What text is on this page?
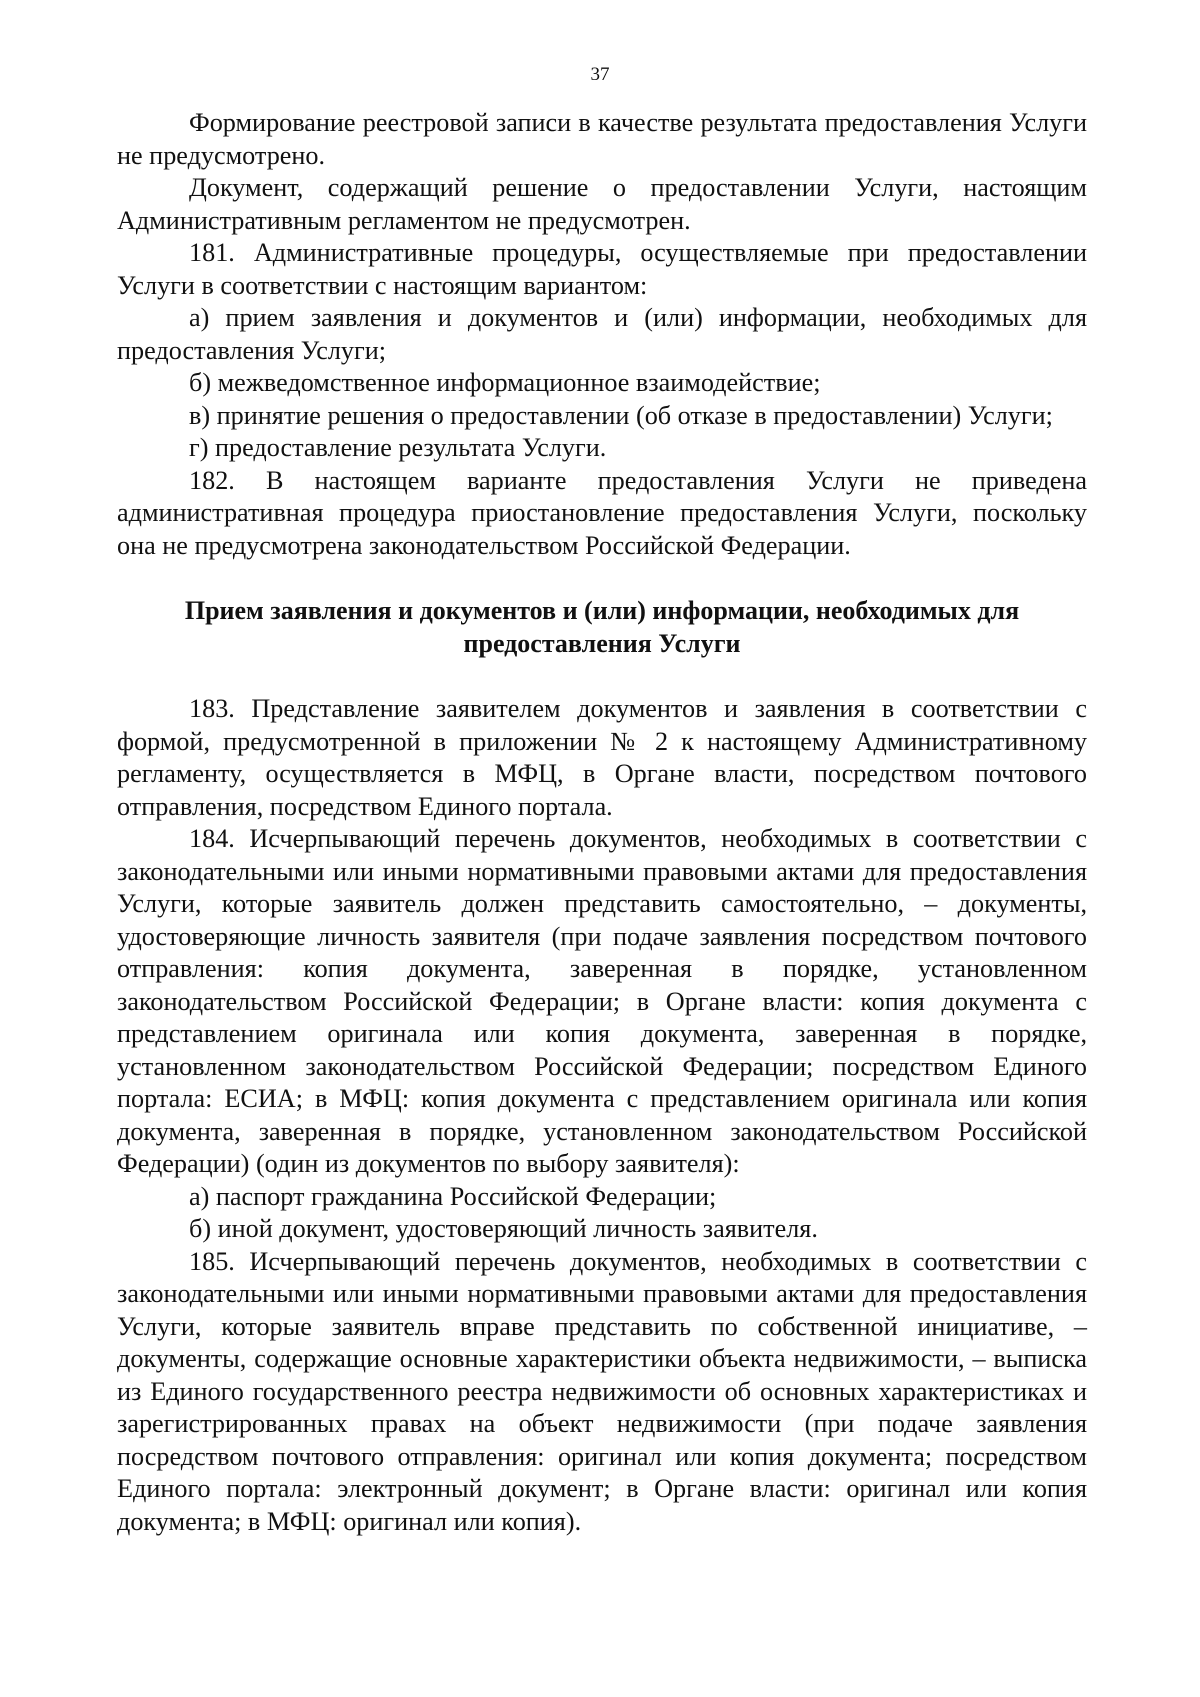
37

Формирование реестровой записи в качестве результата предоставления Услуги не предусмотрено.

Документ, содержащий решение о предоставлении Услуги, настоящим Административным регламентом не предусмотрен.

181. Административные процедуры, осуществляемые при предоставлении Услуги в соответствии с настоящим вариантом:

а) прием заявления и документов и (или) информации, необходимых для предоставления Услуги;

б) межведомственное информационное взаимодействие;

в) принятие решения о предоставлении (об отказе в предоставлении) Услуги;

г) предоставление результата Услуги.

182. В настоящем варианте предоставления Услуги не приведена административная процедура приостановление предоставления Услуги, поскольку она не предусмотрена законодательством Российской Федерации.

Прием заявления и документов и (или) информации, необходимых для
предоставления Услуги

183. Представление заявителем документов и заявления в соответствии с формой, предусмотренной в приложении № 2 к настоящему Административному регламенту, осуществляется в МФЦ, в Органе власти, посредством почтового отправления, посредством Единого портала.

184. Исчерпывающий перечень документов, необходимых в соответствии с законодательными или иными нормативными правовыми актами для предоставления Услуги, которые заявитель должен представить самостоятельно, – документы, удостоверяющие личность заявителя (при подаче заявления посредством почтового отправления: копия документа, заверенная в порядке, установленном законодательством Российской Федерации; в Органе власти: копия документа с представлением оригинала или копия документа, заверенная в порядке, установленном законодательством Российской Федерации; посредством Единого портала: ЕСИА; в МФЦ: копия документа с представлением оригинала или копия документа, заверенная в порядке, установленном законодательством Российской Федерации) (один из документов по выбору заявителя):

а) паспорт гражданина Российской Федерации;

б) иной документ, удостоверяющий личность заявителя.

185. Исчерпывающий перечень документов, необходимых в соответствии с законодательными или иными нормативными правовыми актами для предоставления Услуги, которые заявитель вправе представить по собственной инициативе, – документы, содержащие основные характеристики объекта недвижимости, – выписка из Единого государственного реестра недвижимости об основных характеристиках и зарегистрированных правах на объект недвижимости (при подаче заявления посредством почтового отправления: оригинал или копия документа; посредством Единого портала: электронный документ; в Органе власти: оригинал или копия документа; в МФЦ: оригинал или копия).
